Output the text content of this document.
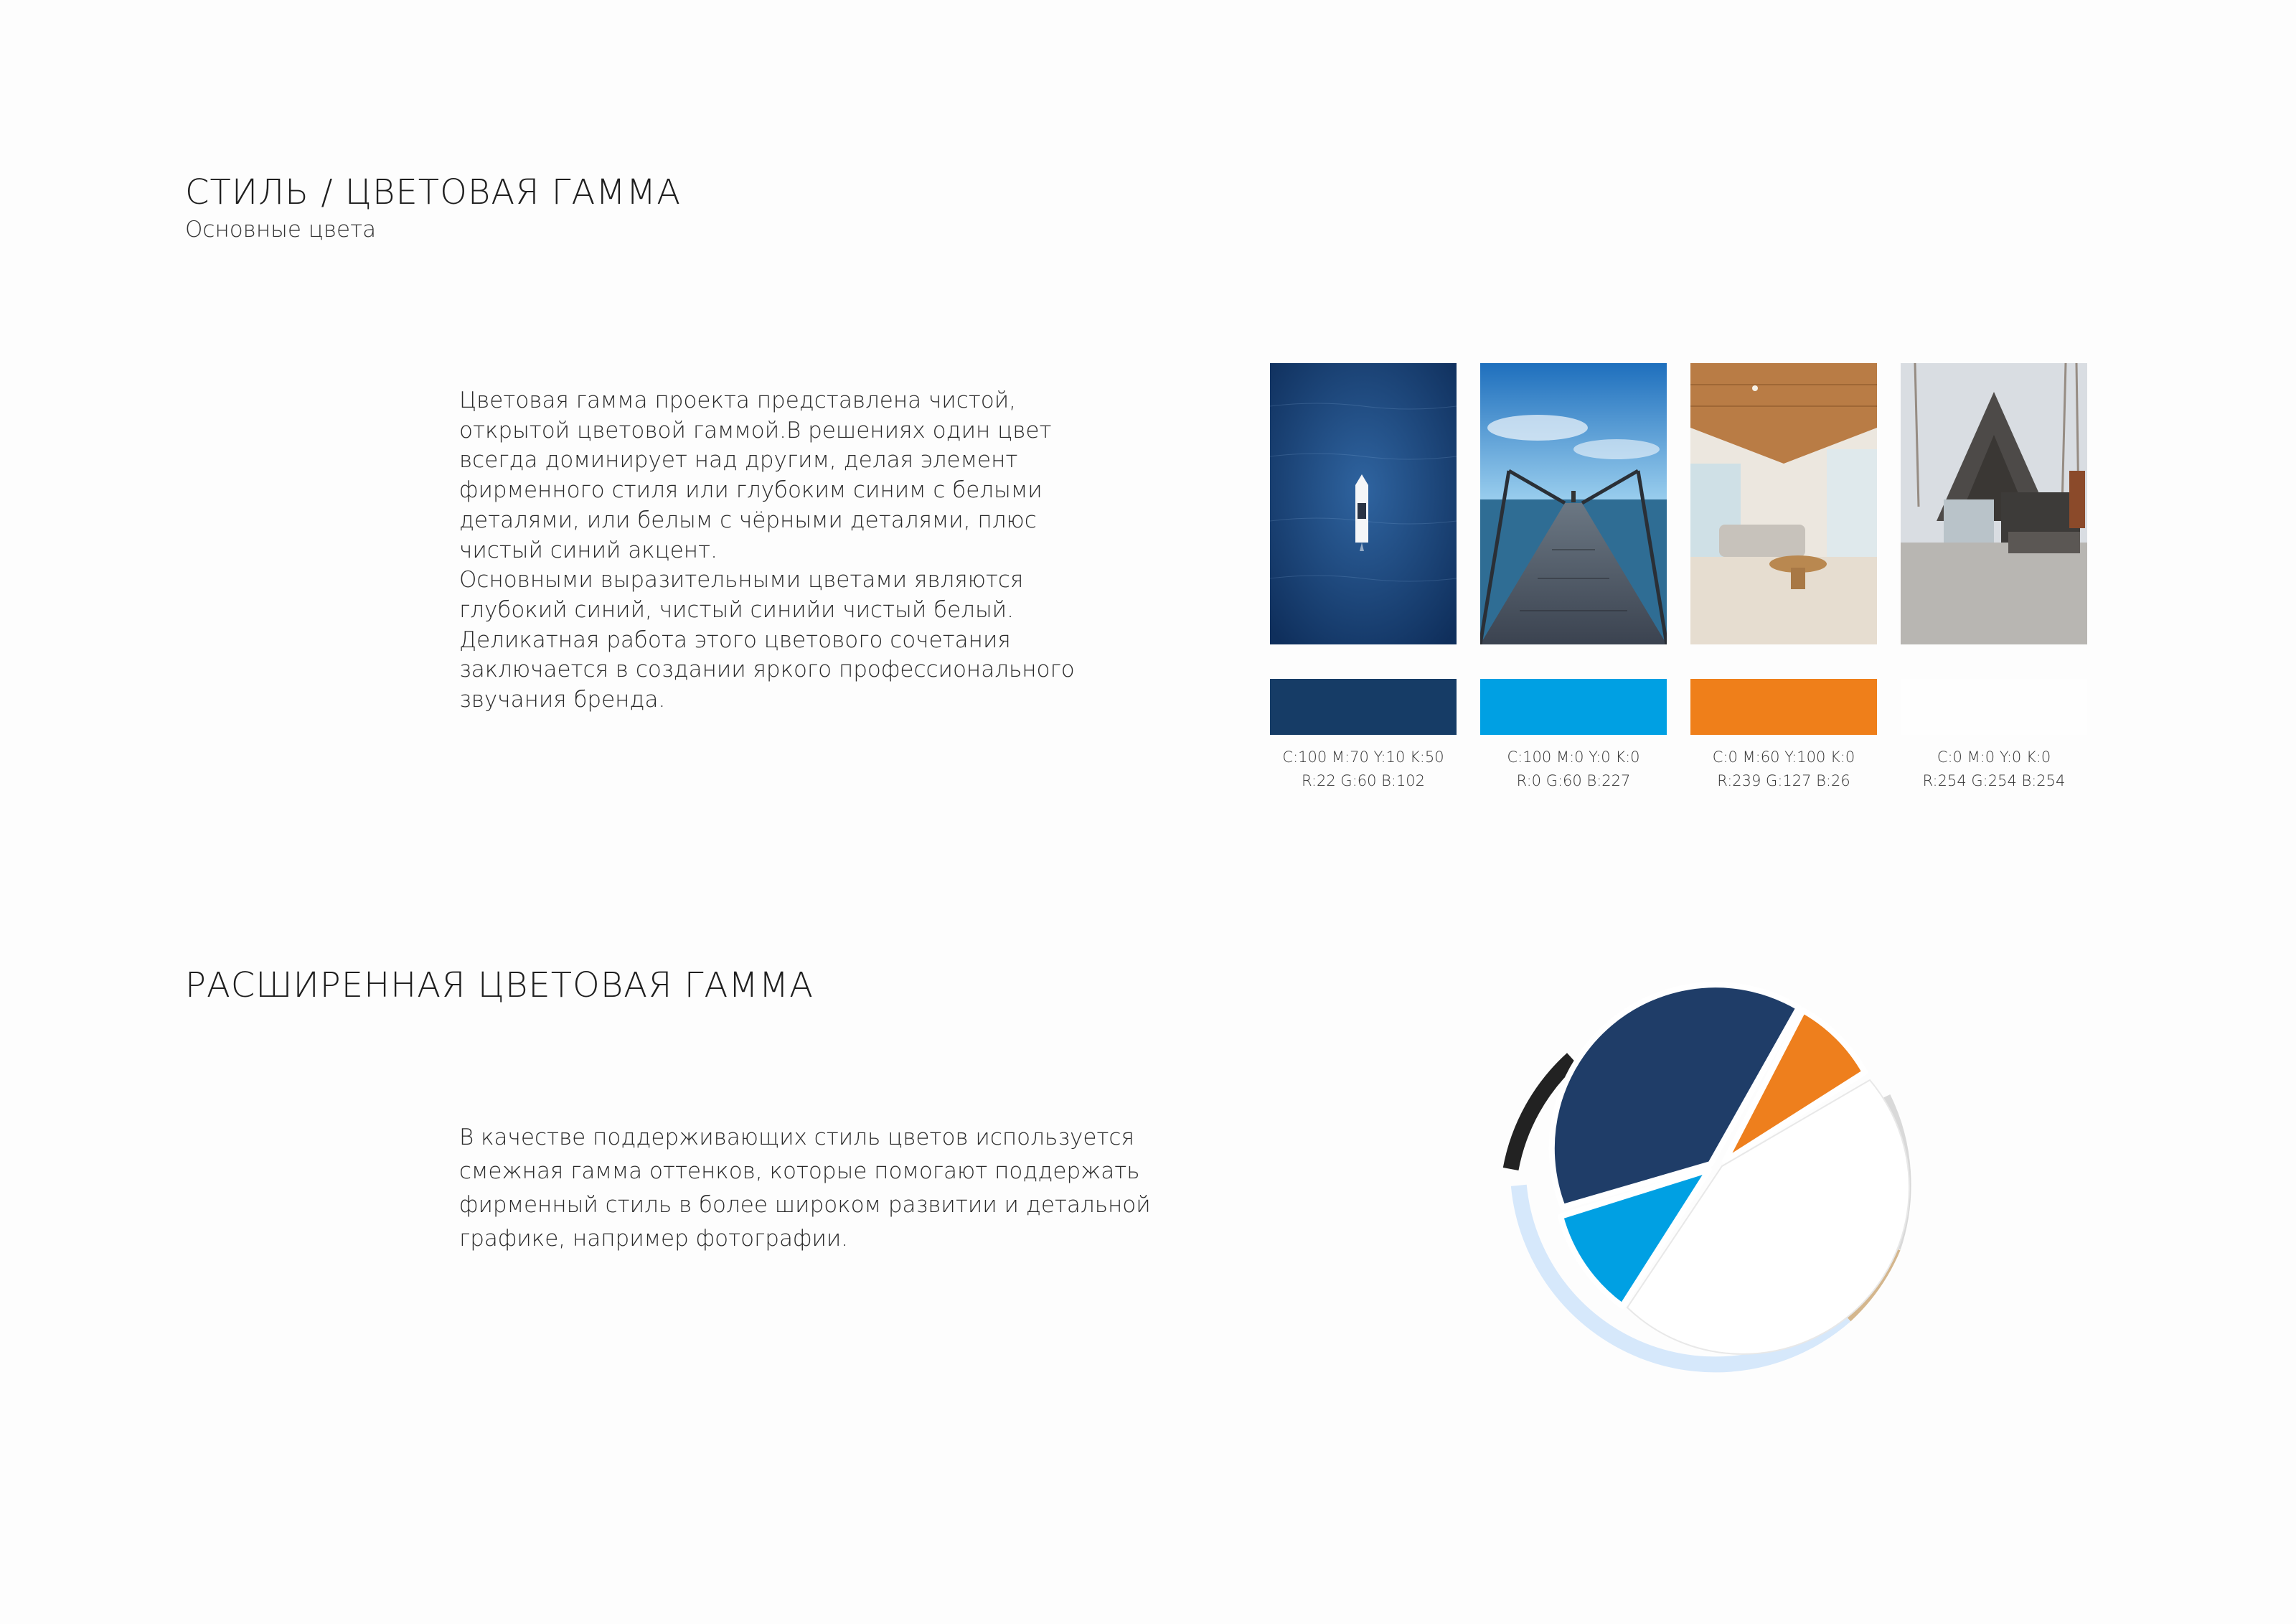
СТИЛЬ / ЦВЕТОВАЯ ГАММА
Основные цвета

Цветовая гамма проекта представлена чистой,

открытой цветовой гаммой.В решениях один цвет

всегда доминирует над другим, делая элемент

фирменного стиля или глубоким синим с белыми

деталями, или белым с чёрными деталями, плюс

чистый синий акцент.

Основными выразительными цветами являются

глубокий синий, чистый синийи чистый белый.

Деликатная работа этого цветового сочетания

заключается в создании яркого профессионального

звучания бренда.

C:100 M:70 Y:10 K:50
R:22 G:60 B:102
C:100 M:0 Y:0 K:0
R:0 G:60 B:227
C:0 M:60 Y:100 K:0
R:239 G:127 B:26
C:0 M:0 Y:0 K:0
R:254 G:254 B:254
РАСШИРЕННАЯ ЦВЕТОВАЯ ГАММА

В качестве поддерживающих стиль цветов используется

смежная гамма оттенков, которые помогают поддержать

фирменный стиль в более широком развитии и детальной

графике, например фотографии.
